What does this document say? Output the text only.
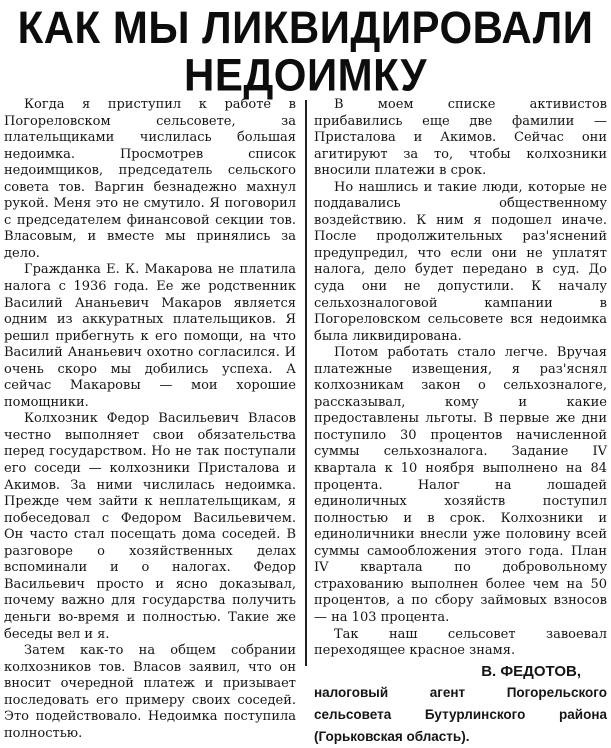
КАК МЫ ЛИКВИДИРОВАЛИ
НЕДОИМКУ

Когда я приступил к работе в Погореловском сельсовете, за плательщиками числилась большая недоимка. Просмотрев список недоимщиков, председатель сельского совета тов. Варгин безнадежно махнул рукой. Меня это не смутило. Я поговорил с председателем финансовой секции тов. Власовым, и вместе мы принялись за дело.

Гражданка Е. К. Макарова не платила налога с 1936 года. Ее же родственник Василий Ананьевич Макаров является одним из аккуратных плательщиков. Я решил прибегнуть к его помощи, на что Василий Ананьевич охотно согласился. И очень скоро мы добились успеха. А сейчас Макаровы — мои хорошие помощники.

Колхозник Федор Васильевич Власов честно выполняет свои обязательства перед государством. Но не так поступали его соседи — колхозники Присталова и Акимов. За ними числилась недоимка. Прежде чем зайти к неплательщикам, я побеседовал с Федором Васильевичем. Он часто стал посещать дома соседей. В разговоре о хозяйственных делах вспоминали и о налогах. Федор Васильевич просто и ясно доказывал, почему важно для государства получить деньги во-время и полностью. Такие же беседы вел и я.

Затем как-то на общем собрании колхозников тов. Власов заявил, что он вносит очередной платеж и призывает последовать его примеру своих соседей. Это подействовало. Недоимка поступила полностью.

В моем списке активистов прибавились еще две фамилии — Присталова и Акимов. Сейчас они агитируют за то, чтобы колхозники вносили платежи в срок.

Но нашлись и такие люди, которые не поддавались общественному воздействию. К ним я подошел иначе. После продолжительных раз'яснений предупредил, что если они не уплатят налога, дело будет передано в суд. До суда они не допустили. К началу сельхозналоговой кампании в Погореловском сельсовете вся недоимка была ликвидирована.

Потом работать стало легче. Вручая платежные извещения, я раз'яснял колхозникам закон о сельхозналоге, рассказывал, кому и какие предоставлены льготы. В первые же дни поступило 30 процентов начисленной суммы сельхозналога. Задание IV квартала к 10 ноября выполнено на 84 процента. Налог на лошадей единоличных хозяйств поступил полностью и в срок. Колхозники и единоличники внесли уже половину всей суммы самообложения этого года. План IV квартала по добровольному страхованию выполнен более чем на 50 процентов, а по сбору займовых взносов — на 103 процента.

Так наш сельсовет завоевал переходящее красное знамя.

В. ФЕДОТОВ,

налоговый агент Погорельского сельсовета Бутурлинского района (Горьковская область).
